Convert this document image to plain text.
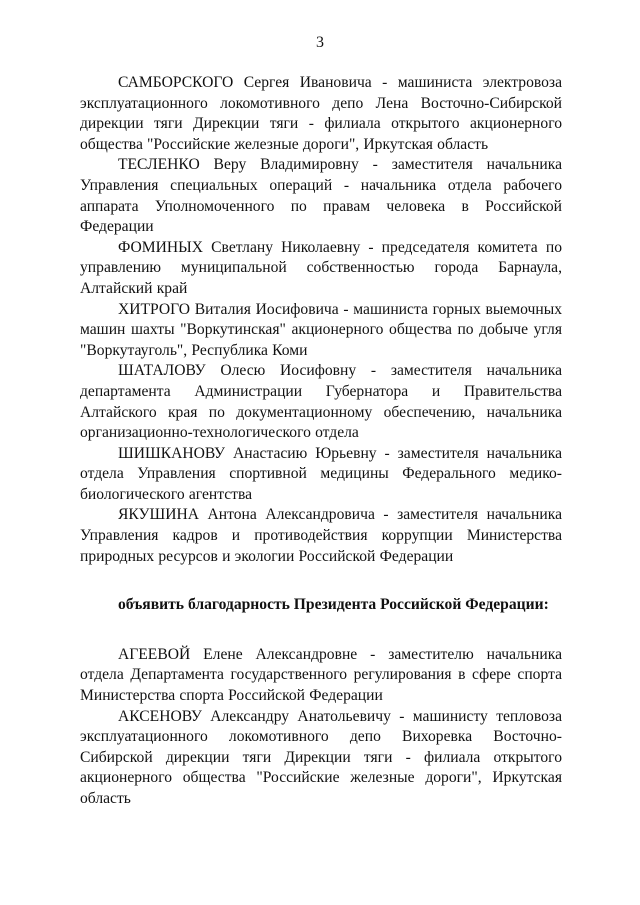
3

САМБОРСКОГО Сергея Ивановича - машиниста электровоза эксплуатационного локомотивного депо Лена Восточно-Сибирской дирекции тяги Дирекции тяги - филиала открытого акционерного общества "Российские железные дороги", Иркутская область

ТЕСЛЕНКО Веру Владимировну - заместителя начальника Управления специальных операций - начальника отдела рабочего аппарата Уполномоченного по правам человека в Российской Федерации

ФОМИНЫХ Светлану Николаевну - председателя комитета по управлению муниципальной собственностью города Барнаула, Алтайский край

ХИТРОГО Виталия Иосифовича - машиниста горных выемочных машин шахты "Воркутинская" акционерного общества по добыче угля "Воркутауголь", Республика Коми

ШАТАЛОВУ Олесю Иосифовну - заместителя начальника департамента Администрации Губернатора и Правительства Алтайского края по документационному обеспечению, начальника организационно-технологического отдела

ШИШКАНОВУ Анастасию Юрьевну - заместителя начальника отдела Управления спортивной медицины Федерального медико-биологического агентства

ЯКУШИНА Антона Александровича - заместителя начальника Управления кадров и противодействия коррупции Министерства природных ресурсов и экологии Российской Федерации

объявить благодарность Президента Российской Федерации:

АГЕЕВОЙ Елене Александровне - заместителю начальника отдела Департамента государственного регулирования в сфере спорта Министерства спорта Российской Федерации

АКСЕНОВУ Александру Анатольевичу - машинисту тепловоза эксплуатационного локомотивного депо Вихоревка Восточно-Сибирской дирекции тяги Дирекции тяги - филиала открытого акционерного общества "Российские железные дороги", Иркутская область
